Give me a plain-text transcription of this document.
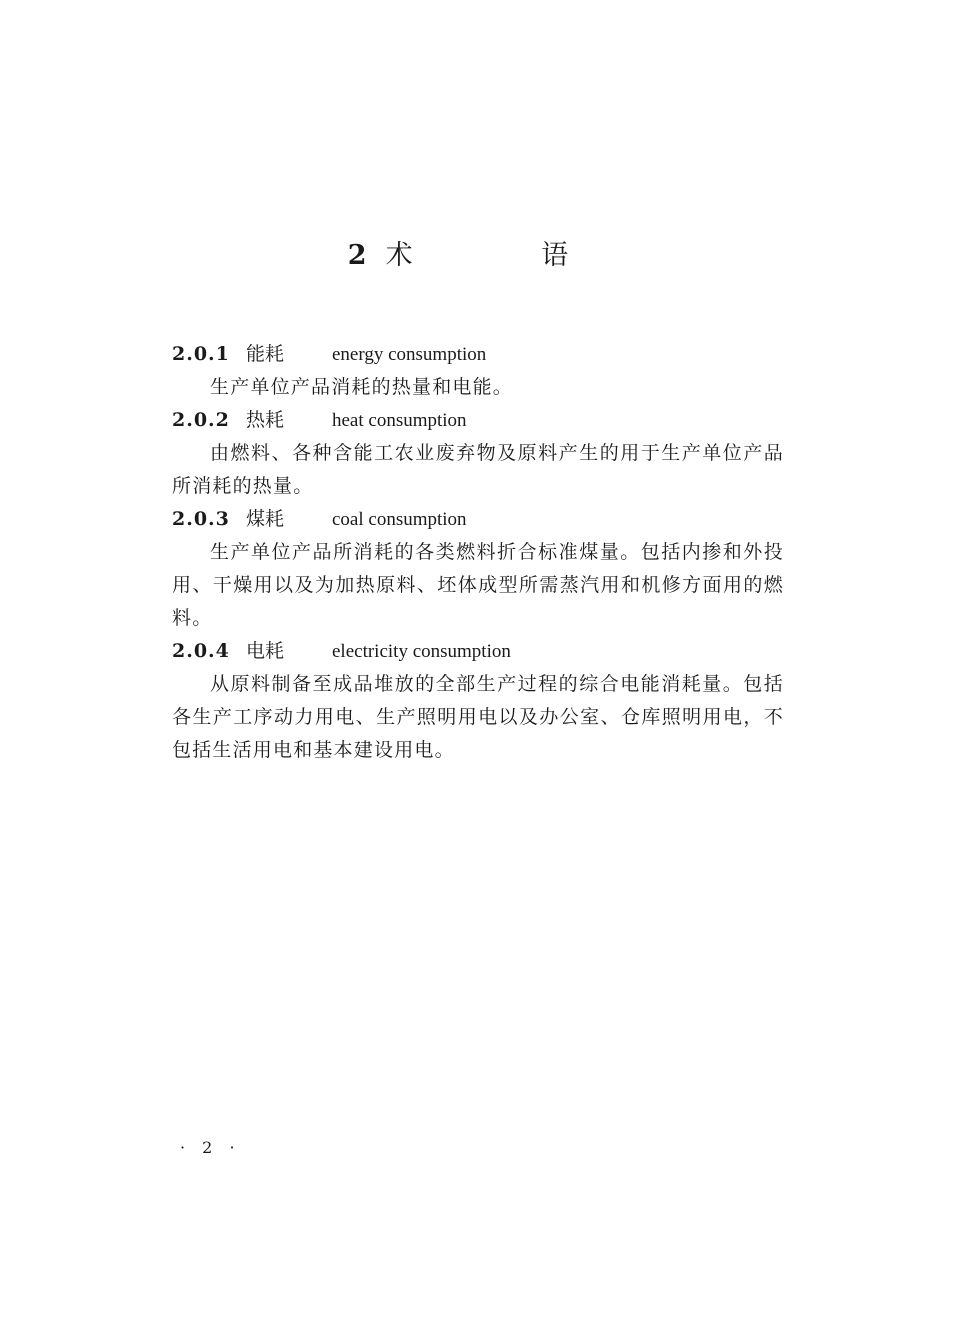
2 术 语
2.0.1 能耗	energy consumption

生产单位产品消耗的热量和电能。

2.0.2 热耗	heat consumption

由燃料、各种含能工农业废弃物及原料产生的用于生产单位产品所消耗的热量。

2.0.3 煤耗	coal consumption

生产单位产品所消耗的各类燃料折合标准煤量。包括内掺和外投用、干燥用以及为加热原料、坯体成型所需蒸汽用和机修方面用的燃料。

2.0.4 电耗	electricity consumption

从原料制备至成品堆放的全部生产过程的综合电能消耗量。包括各生产工序动力用电、生产照明用电以及办公室、仓库照明用电，不包括生活用电和基本建设用电。

· 2 ·
